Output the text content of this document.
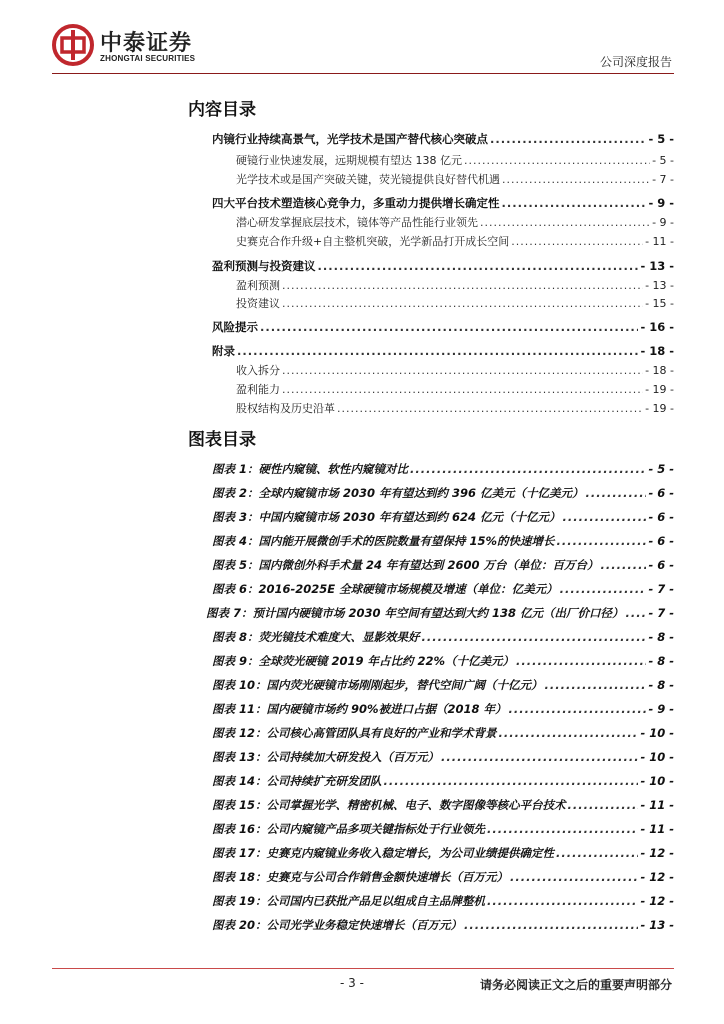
中泰证券
ZHONGTAI SECURITIES	公司深度报告
内容目录
内镜行业持续高景气，光学技术是国产替代核心突破点 .....	- 5 -
硬镜行业快速发展，远期规模有望达 138 亿元 .....	- 5 -
光学技术或是国产突破关键，荧光镜提供良好替代机遇 .....	- 7 -
四大平台技术塑造核心竞争力，多重动力提供增长确定性 .....	- 9 -
潜心研发掌握底层技术，镜体等产品性能行业领先 .....	- 9 -
史赛克合作升级+自主整机突破，光学新品打开成长空间 .....	- 11 -
盈利预测与投资建议 .....	- 13 -
盈利预测 .....	- 13 -
投资建议 .....	- 15 -
风险提示 .....	- 16 -
附录 .....	- 18 -
收入拆分 .....	- 18 -
盈利能力 .....	- 19 -
股权结构及历史沿革 .....	- 19 -
图表目录
图表 1：硬性内窥镜、软性内窥镜对比 .....	- 5 -
图表 2：全球内窥镜市场 2030 年有望达到约 396 亿美元（十亿美元） .....	- 6 -
图表 3：中国内窥镜市场 2030 年有望达到约 624 亿元（十亿元） .....	- 6 -
图表 4：国内能开展微创手术的医院数量有望保持 15%的快速增长 .....	- 6 -
图表 5：国内微创外科手术量 24 年有望达到 2600 万台（单位：百万台） .....	- 6 -
图表 6：2016-2025E 全球硬镜市场规模及增速（单位：亿美元） .....	- 7 -
图表 7：预计国内硬镜市场 2030 年空间有望达到大约 138 亿元（出厂价口径） ..... - 7 -
图表 8：荧光镜技术难度大、显影效果好 .....	- 8 -
图表 9：全球荧光硬镜 2019 年占比约 22%（十亿美元） .....	- 8 -
图表 10：国内荧光硬镜市场刚刚起步，替代空间广阔（十亿元） .....	- 8 -
图表 11：国内硬镜市场约 90%被进口占据（2018 年） .....	- 9 -
图表 12：公司核心高管团队具有良好的产业和学术背景 .....	- 10 -
图表 13：公司持续加大研发投入（百万元） .....	- 10 -
图表 14：公司持续扩充研发团队 .....	- 10 -
图表 15：公司掌握光学、精密机械、电子、数字图像等核心平台技术 .....	- 11 -
图表 16：公司内窥镜产品多项关键指标处于行业领先 .....	- 11 -
图表 17：史赛克内窥镜业务收入稳定增长，为公司业绩提供确定性 .....	- 12 -
图表 18：史赛克与公司合作销售金额快速增长（百万元） .....	- 12 -
图表 19：公司国内已获批产品足以组成自主品牌整机 .....	- 12 -
图表 20：公司光学业务稳定快速增长（百万元） .....	- 13 -
- 3 -	请务必阅读正文之后的重要声明部分
